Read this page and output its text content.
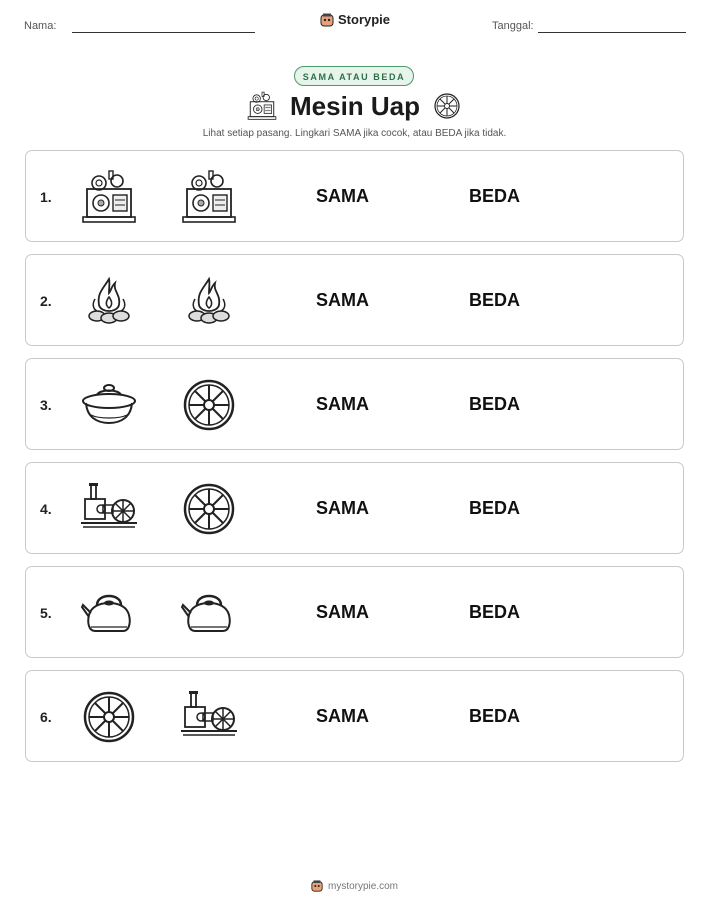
Nama:	Storypie	Tanggal:
SAMA ATAU BEDA
Mesin Uap
Lihat setiap pasang. Lingkari SAMA jika cocok, atau BEDA jika tidak.
1.	SAMA	BEDA
2.	SAMA	BEDA
3.	SAMA	BEDA
4.	SAMA	BEDA
5.	SAMA	BEDA
6.	SAMA	BEDA
mystorypie.com
